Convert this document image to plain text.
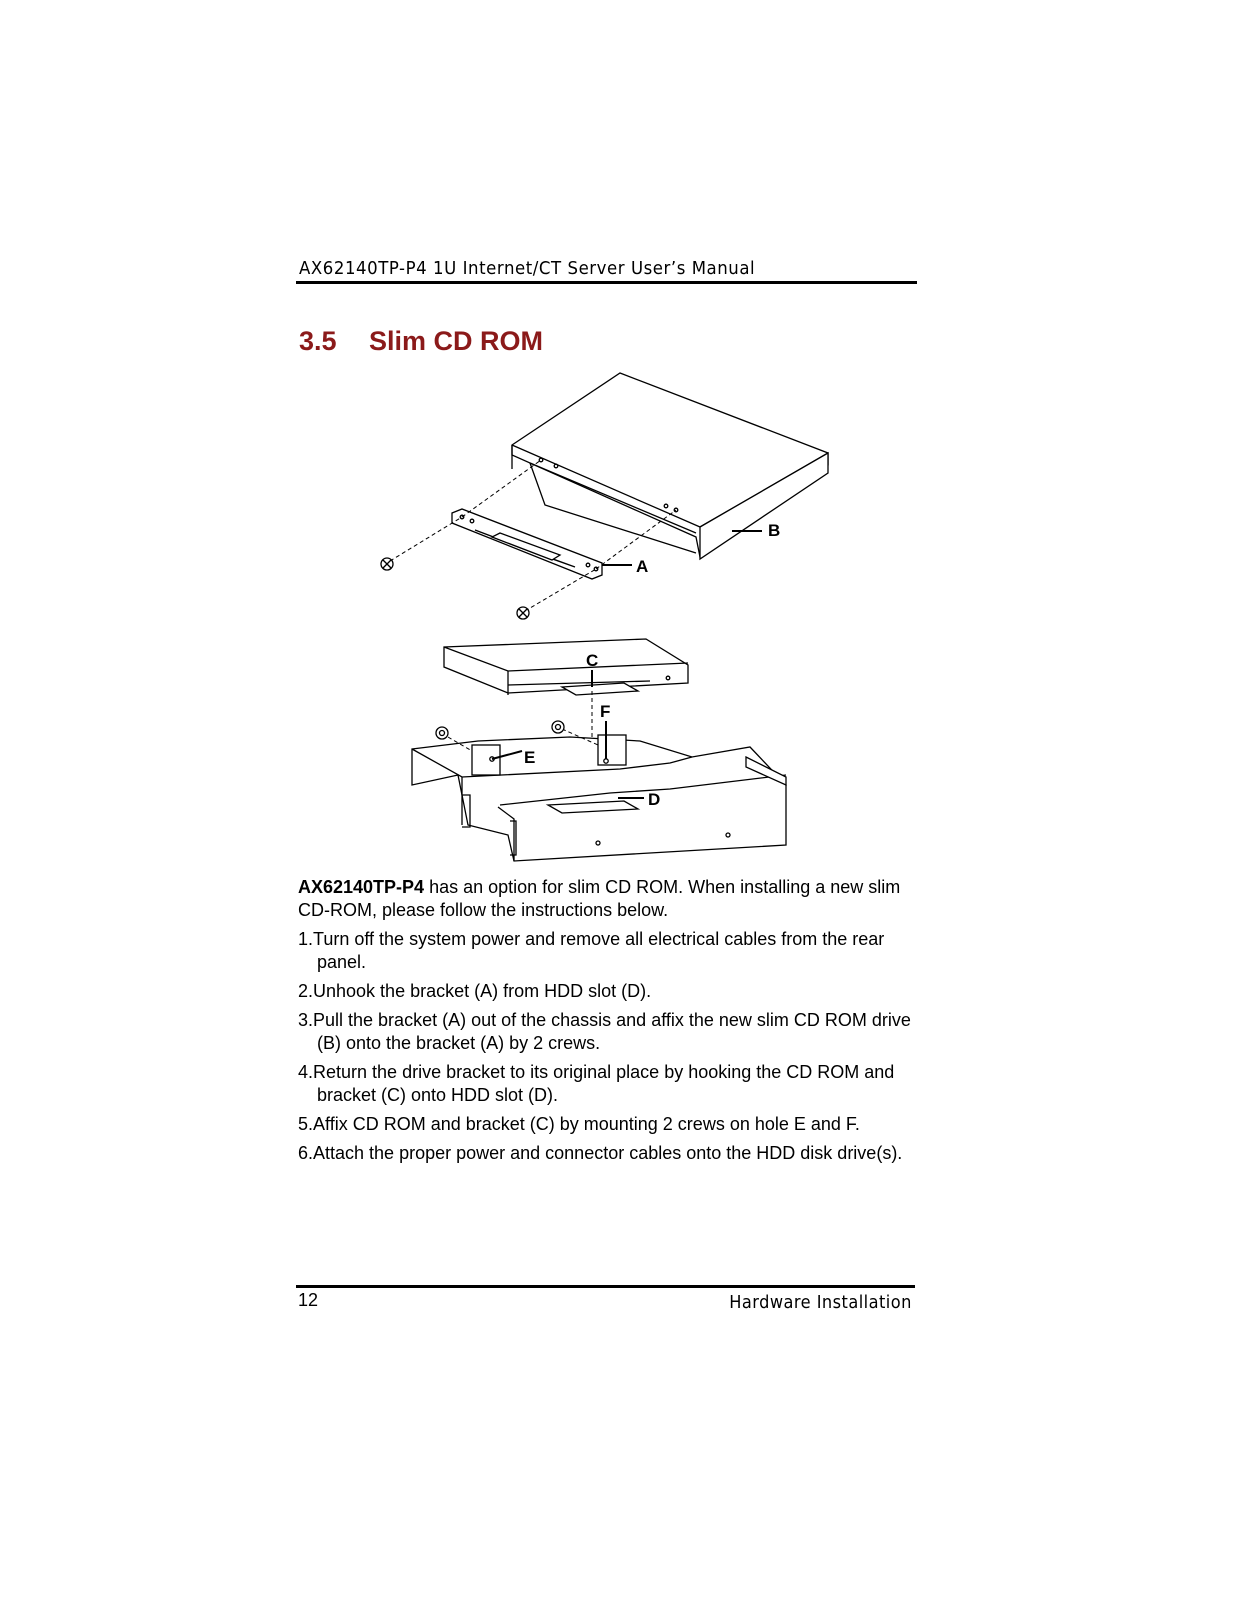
AX62140TP-P4 1U Internet/CT Server User’s Manual
3.5 Slim CD ROM
A
B
C
F
E
D

AX62140TP-P4 has an option for slim CD ROM. When installing a new slim CD-ROM, please follow the instructions below.

1.Turn off the system power and remove all electrical cables from the rear panel.
2.Unhook the bracket (A) from HDD slot (D).
3.Pull the bracket (A) out of the chassis and affix the new slim CD ROM drive (B) onto the bracket (A) by 2 crews.
4.Return the drive bracket to its original place by hooking the CD ROM and bracket (C) onto HDD slot (D).
5.Affix CD ROM and bracket (C) by mounting 2 crews on hole E and F.
6.Attach the proper power and connector cables onto the HDD disk drive(s).
12	Hardware Installation
